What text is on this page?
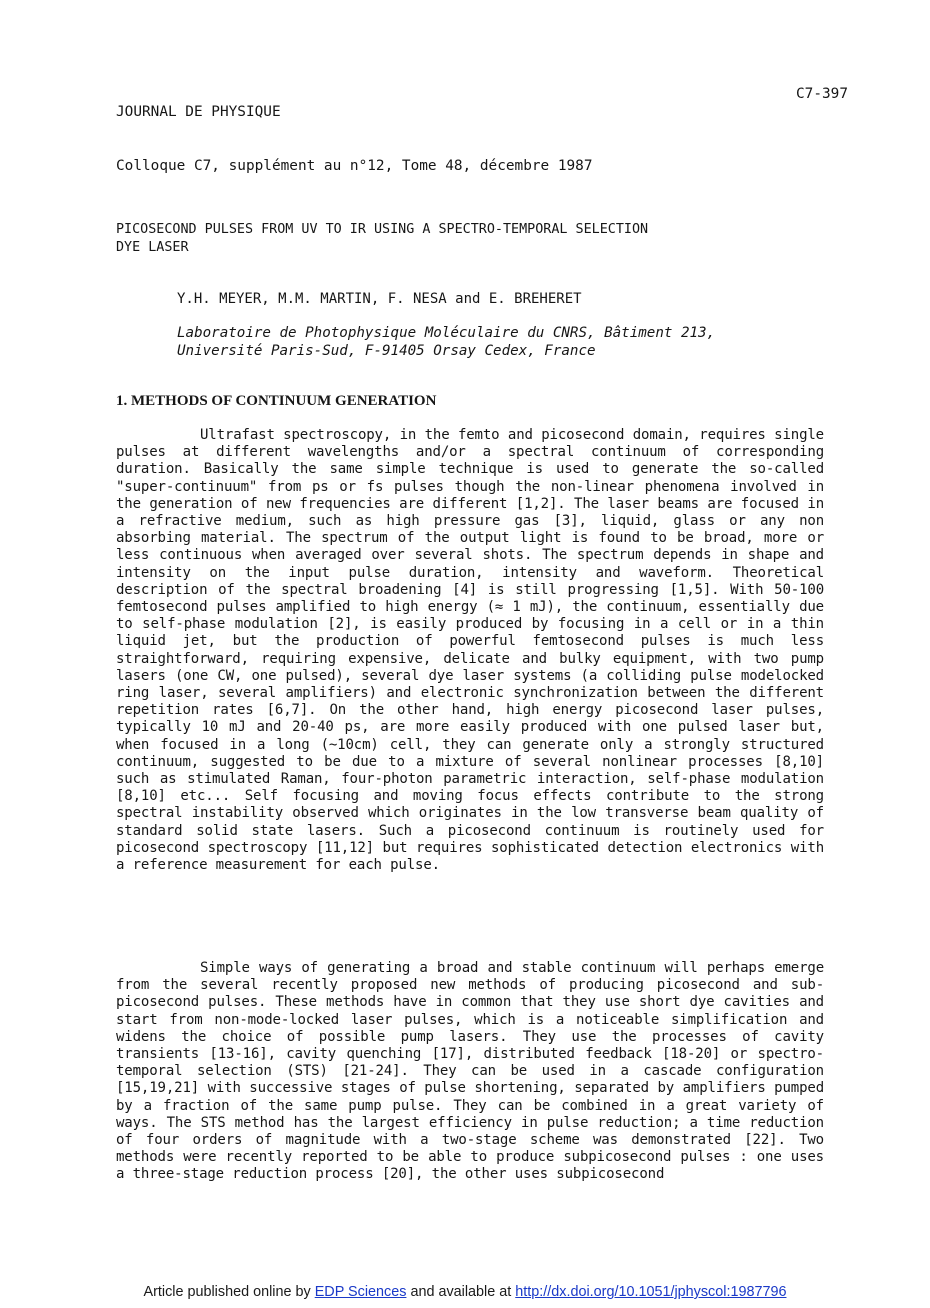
JOURNAL DE PHYSIQUE

Colloque C7, supplément au n°12, Tome 48, décembre 1987

C7-397
PICOSECOND PULSES FROM UV TO IR USING A SPECTRO-TEMPORAL SELECTION
DYE LASER
Y.H. MEYER, M.M. MARTIN, F. NESA and E. BREHERET
Laboratoire de Photophysique Moléculaire du CNRS, Bâtiment 213,
Université Paris-Sud, F-91405 Orsay Cedex, France
1. METHODS OF CONTINUUM GENERATION

Ultrafast spectroscopy, in the femto and picosecond domain, requires single pulses at different wavelengths and/or a spectral continuum of corresponding duration. Basically the same simple technique is used to generate the so-called "super-continuum" from ps or fs pulses though the non-linear phenomena involved in the generation of new frequencies are different [1,2]. The laser beams are focused in a refractive medium, such as high pressure gas [3], liquid, glass or any non absorbing material. The spectrum of the output light is found to be broad, more or less continuous when averaged over several shots. The spectrum depends in shape and intensity on the input pulse duration, intensity and waveform. Theoretical description of the spectral broadening [4] is still progressing [1,5]. With 50-100 femtosecond pulses amplified to high energy (≈ 1 mJ), the continuum, essentially due to self-phase modulation [2], is easily produced by focusing in a cell or in a thin liquid jet, but the production of powerful femtosecond pulses is much less straightforward, requiring expensive, delicate and bulky equipment, with two pump lasers (one CW, one pulsed), several dye laser systems (a colliding pulse modelocked ring laser, several amplifiers) and electronic synchronization between the different repetition rates [6,7]. On the other hand, high energy picosecond laser pulses, typically 10 mJ and 20-40 ps, are more easily produced with one pulsed laser but, when focused in a long (~10cm) cell, they can generate only a strongly structured continuum, suggested to be due to a mixture of several nonlinear processes [8,10] such as stimulated Raman, four-photon parametric interaction, self-phase modulation [8,10] etc... Self focusing and moving focus effects contribute to the strong spectral instability observed which originates in the low transverse beam quality of standard solid state lasers. Such a picosecond continuum is routinely used for picosecond spectroscopy [11,12] but requires sophisticated detection electronics with a reference measurement for each pulse.

Simple ways of generating a broad and stable continuum will perhaps emerge from the several recently proposed new methods of producing picosecond and sub-picosecond pulses. These methods have in common that they use short dye cavities and start from non-mode-locked laser pulses, which is a noticeable simplification and widens the choice of possible pump lasers. They use the processes of cavity transients [13-16], cavity quenching [17], distributed feedback [18-20] or spectro-temporal selection (STS) [21-24]. They can be used in a cascade configuration [15,19,21] with successive stages of pulse shortening, separated by amplifiers pumped by a fraction of the same pump pulse. They can be combined in a great variety of ways. The STS method has the largest efficiency in pulse reduction; a time reduction of four orders of magnitude with a two-stage scheme was demonstrated [22]. Two methods were recently reported to be able to produce subpicosecond pulses : one uses a three-stage reduction process [20], the other uses subpicosecond

Article published online by EDP Sciences and available at http://dx.doi.org/10.1051/jphyscol:1987796
